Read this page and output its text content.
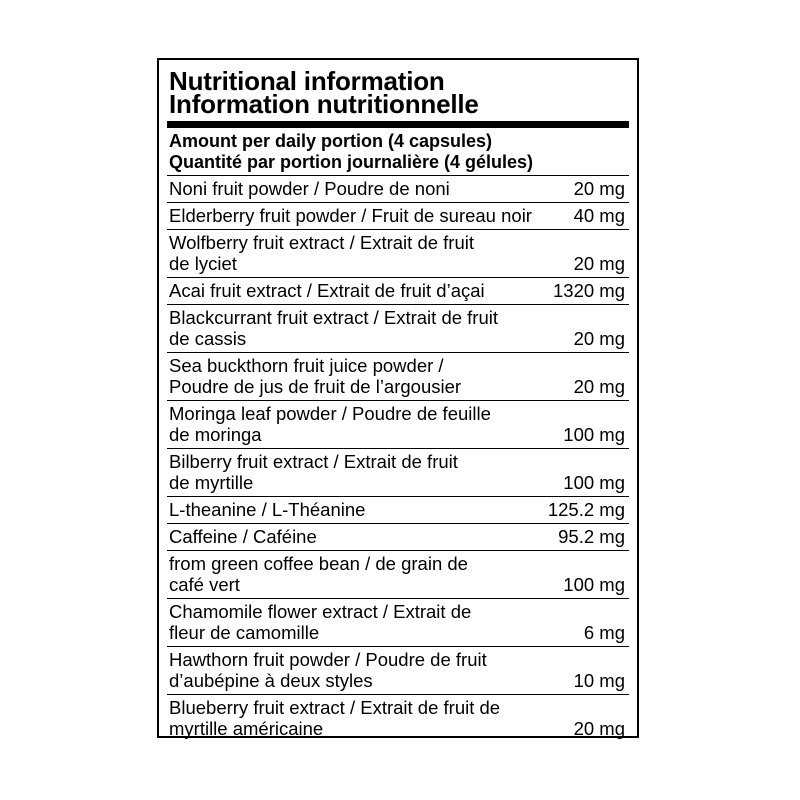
Nutritional information
Information nutritionnelle
Amount per daily portion (4 capsules)
Quantité par portion journalière (4 gélules)
Noni fruit powder / Poudre de noni	20 mg
Elderberry fruit powder / Fruit de sureau noir	40 mg
Wolfberry fruit extract / Extrait de fruit
de lyciet	20 mg
Acai fruit extract / Extrait de fruit d’açai	1320 mg
Blackcurrant fruit extract / Extrait de fruit
de cassis	20 mg
Sea buckthorn fruit juice powder /
Poudre de jus de fruit de l’argousier	20 mg
Moringa leaf powder / Poudre de feuille
de moringa	100 mg
Bilberry fruit extract / Extrait de fruit
de myrtille	100 mg
L-theanine / L-Théanine	125.2 mg
Caffeine / Caféine	95.2 mg
from green coffee bean / de grain de
café vert	100 mg
Chamomile flower extract / Extrait de
fleur de camomille	6 mg
Hawthorn fruit powder / Poudre de fruit
d’aubépine à deux styles	10 mg
Blueberry fruit extract / Extrait de fruit de
myrtille américaine	20 mg
